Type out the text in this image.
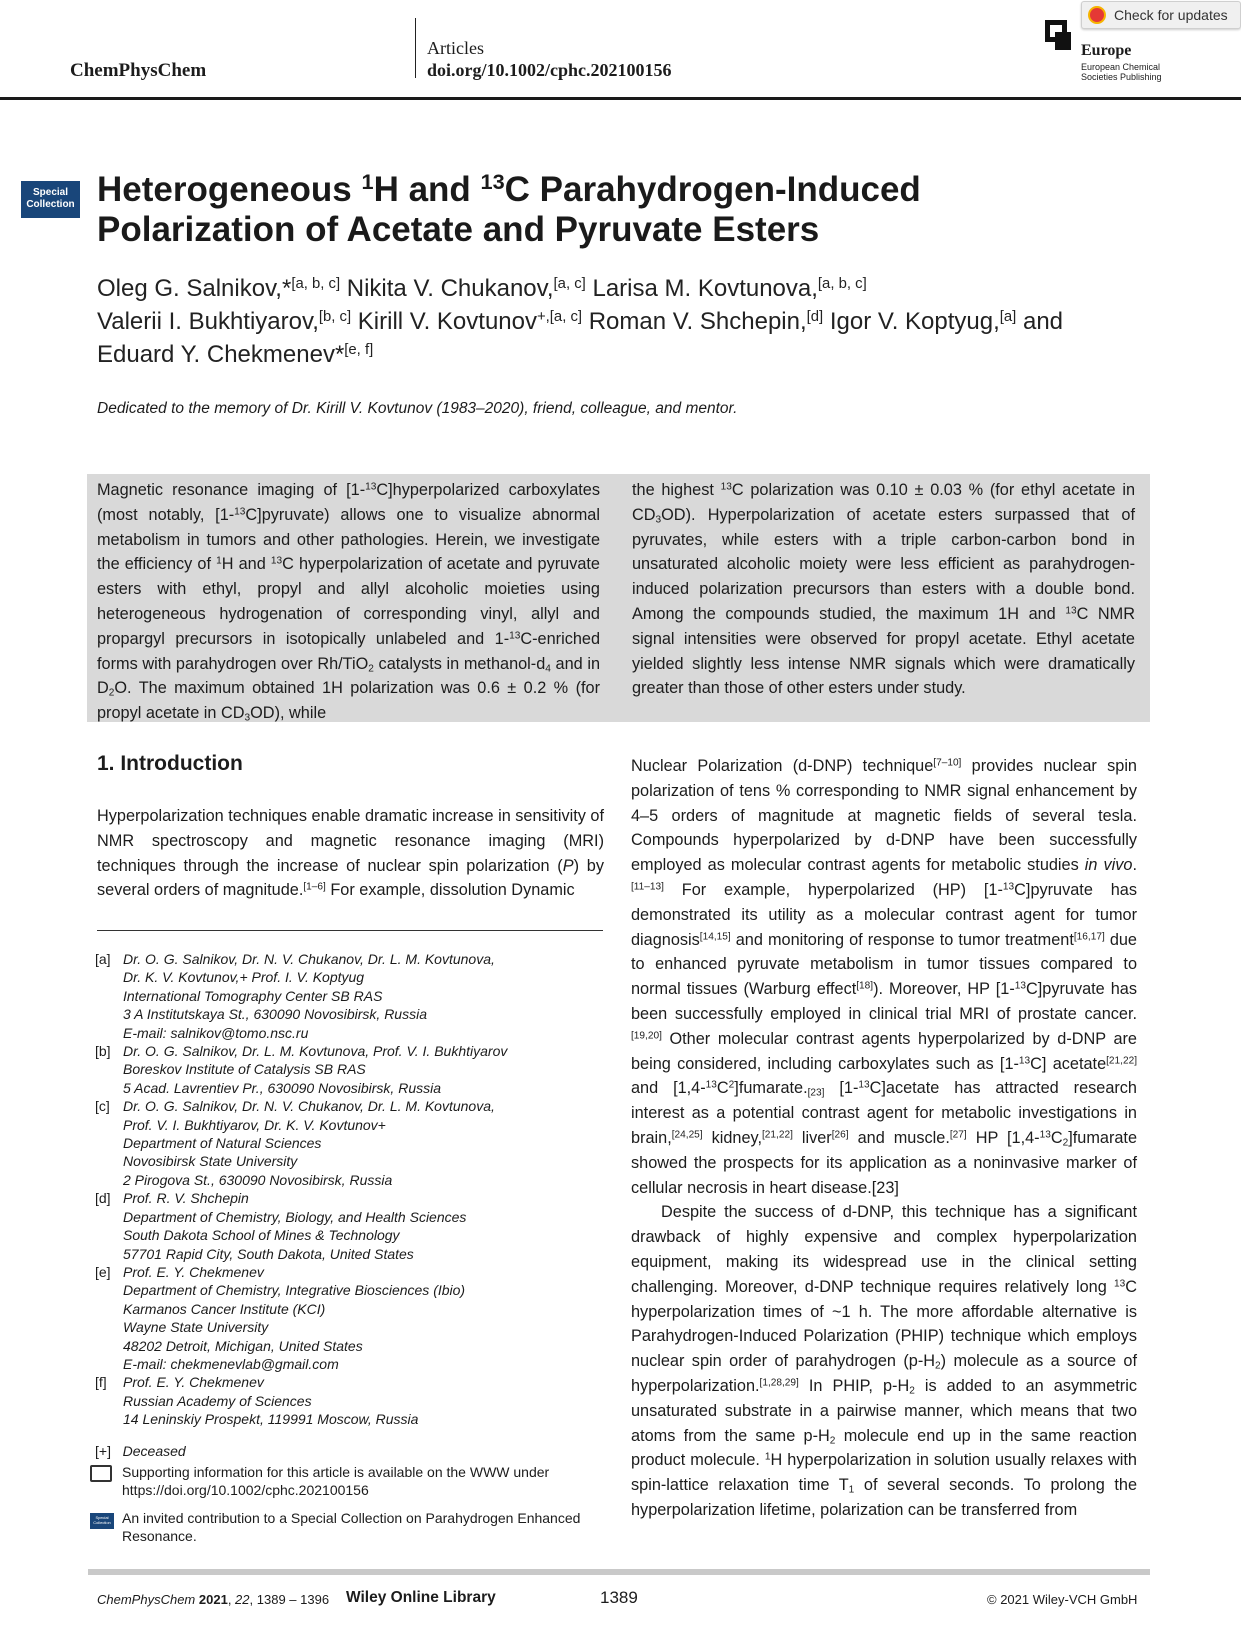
ChemPhysChem
Articles
doi.org/10.1002/cphc.202100156
Europe
European Chemical Societies Publishing
Check for updates
Special
Collection Heterogeneous $^1$H and $^{13}$C Parahydrogen-Induced
Polarization of Acetate and Pyruvate Esters
Oleg G. Salnikov,*[a, b, c] Nikita V. Chukanov,[a, c] Larisa M. Kovtunova,[a, b, c]
Valerii I. Bukhtiyarov,[b, c] Kirill V. Kovtunov$^{+,[a, c]}$ Roman V. Shchepin,[d] Igor V. Koptyug,[a] and
Eduard Y. Chekmenev*[e, f]
Dedicated to the memory of Dr. Kirill V. Kovtunov (1983–2020), friend, colleague, and mentor.
Magnetic resonance imaging of [1-$^{13}$C]hyperpolarized carboxylates (most notably, [1-$^{13}$C]pyruvate) allows one to visualize abnormal metabolism in tumors and other pathologies. Herein, we investigate the efficiency of $^1$H and $^{13}$C hyperpolarization of acetate and pyruvate esters with ethyl, propyl and allyl alcoholic moieties using heterogeneous hydrogenation of corresponding vinyl, allyl and propargyl precursors in isotopically unlabeled and 1-$^{13}$C-enriched forms with parahydrogen over Rh/TiO$_2$ catalysts in methanol-$d_4$ and in $D_2O$. The maximum obtained 1H polarization was 0.6 ± 0.2 % (for propyl acetate in $CD_3OD$), while
the highest $^{13}$C polarization was 0.10 ± 0.03 % (for ethyl acetate in $CD_3OD$). Hyperpolarization of acetate esters surpassed that of pyruvates, while esters with a triple carbon-carbon bond in unsaturated alcoholic moiety were less efficient as parahydrogen-induced polarization precursors than esters with a double bond. Among the compounds studied, the maximum 1H and $^{13}$C NMR signal intensities were observed for propyl acetate. Ethyl acetate yielded slightly less intense NMR signals which were dramatically greater than those of other esters under study.
1. Introduction
Hyperpolarization techniques enable dramatic increase in sensitivity of NMR spectroscopy and magnetic resonance imaging (MRI) techniques through the increase of nuclear spin polarization (P) by several orders of magnitude.[1–6] For example, dissolution Dynamic

Nuclear Polarization (d-DNP) technique[7–10] provides nuclear spin polarization of tens % corresponding to NMR signal enhancement by 4–5 orders of magnitude at magnetic fields of several tesla. Compounds hyperpolarized by d-DNP have been successfully employed as molecular contrast agents for metabolic studies in vivo.[11–13] For example, hyperpolarized (HP) [1-$^{13}$C]pyruvate has demonstrated its utility as a molecular contrast agent for tumor diagnosis[14,15] and monitoring of response to tumor treatment[16,17] due to enhanced pyruvate metabolism in tumor tissues compared to normal tissues (Warburg effect[18]). Moreover, HP [1-$^{13}$C]pyruvate has been successfully employed in clinical trial MRI of prostate cancer.[19,20] Other molecular contrast agents hyperpolarized by d-DNP are being considered, including carboxylates such as [1-$^{13}$C] acetate[21,22] and $[1,4-^{13}C^2]fumarate._{[23]}$ [1-$^{13}$C]acetate has attracted research interest as a potential contrast agent for metabolic investigations in brain,[24,25] kidney,[21,22] liver[26] and muscle.[27] HP $[1,4-^{13}C_2]fumarate$ showed the prospects for its application as a noninvasive marker of cellular necrosis in heart disease.[23]

Despite the success of d-DNP, this technique has a significant drawback of highly expensive and complex hyperpolarization equipment, making its widespread use in the clinical setting challenging. Moreover, d-DNP technique requires relatively long $^{13}$C hyperpolarization times of ~1 h. The more affordable alternative is Parahydrogen-Induced Polarization (PHIP) technique which employs nuclear spin order of parahydrogen $(p-H_2)$ molecule as a source of hyperpolarization.[1,28,29] In PHIP, $p-H_2$ is added to an asymmetric unsaturated substrate in a pairwise manner, which means that two atoms from the same $p-H_2$ molecule end up in the same reaction product molecule. $^1$H hyperpolarization in solution usually relaxes with spin-lattice relaxation time $T_1$ of several seconds. To prolong the hyperpolarization lifetime, polarization can be transferred from

[a] Dr. O. G. Salnikov, Dr. N. V. Chukanov, Dr. L. M. Kovtunova,
Dr. K. V. Kovtunov,+ Prof. I. V. Koptyug
International Tomography Center SB RAS
3 A Institutskaya St., 630090 Novosibirsk, Russia
E-mail: salnikov@tomo.nsc.ru
[b] Dr. O. G. Salnikov, Dr. L. M. Kovtunova, Prof. V. I. Bukhtiyarov
Boreskov Institute of Catalysis SB RAS
5 Acad. Lavrentiev Pr., 630090 Novosibirsk, Russia
[c] Dr. O. G. Salnikov, Dr. N. V. Chukanov, Dr. L. M. Kovtunova,
Prof. V. I. Bukhtiyarov, Dr. K. V. Kovtunov+
Department of Natural Sciences
Novosibirsk State University
2 Pirogova St., 630090 Novosibirsk, Russia
[d] Prof. R. V. Shchepin
Department of Chemistry, Biology, and Health Sciences
South Dakota School of Mines & Technology
57701 Rapid City, South Dakota, United States
[e] Prof. E. Y. Chekmenev
Department of Chemistry, Integrative Biosciences (Ibio)
Karmanos Cancer Institute (KCI)
Wayne State University
48202 Detroit, Michigan, United States
E-mail: chekmenevlab@gmail.com
[f] Prof. E. Y. Chekmenev
Russian Academy of Sciences
14 Leninskiy Prospekt, 119991 Moscow, Russia
[+] Deceased
Supporting information for this article is available on the WWW under https://doi.org/10.1002/cphc.202100156
Special
Collection An invited contribution to a Special Collection on Parahydrogen Enhanced Resonance.
ChemPhysChem 2021, 22, 1389 – 1396 Wiley Online Library	1389	© 2021 Wiley-VCH GmbH
